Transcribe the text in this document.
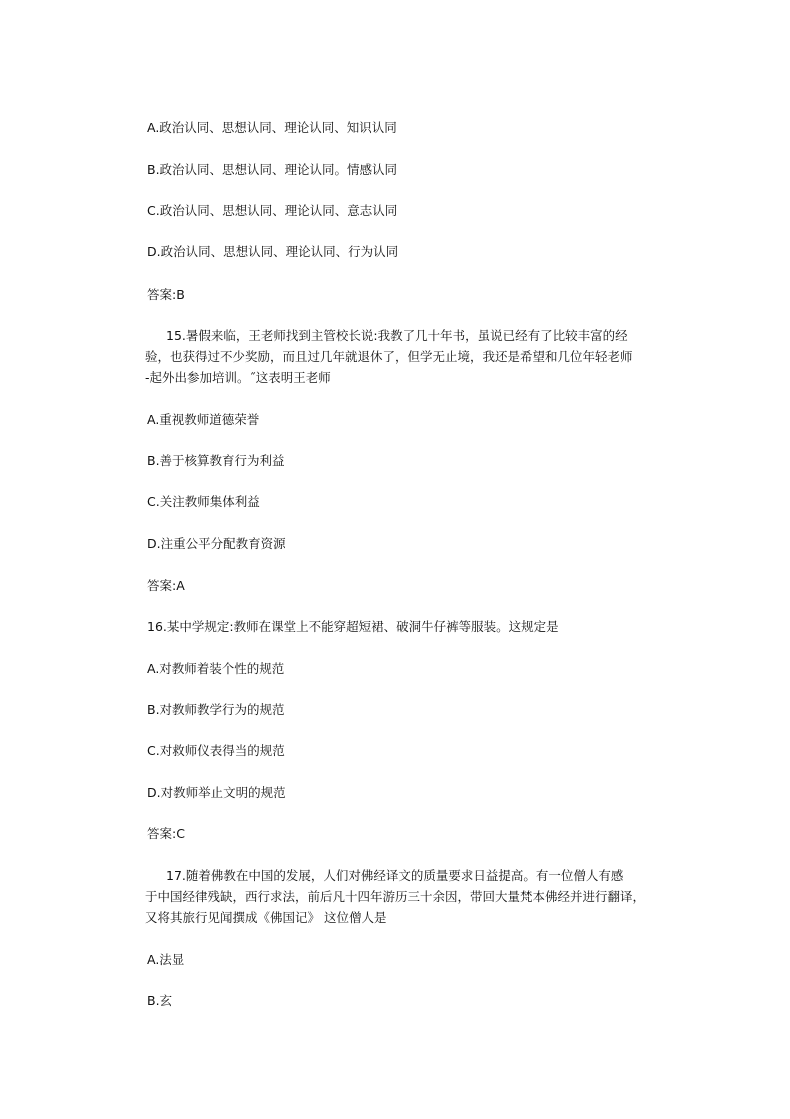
A.政治认同、思想认同、理论认同、知识认同
B.政治认同、思想认同、理论认同。情感认同
C.政治认同、思想认同、理论认同、意志认同
D.政治认同、思想认同、理论认同、行为认同
答案:B
15.暑假来临，王老师找到主管校长说:我教了几十年书，虽说已经有了比较丰富的经
验，也获得过不少奖励，而且过几年就退休了，但学无止境，我还是希望和几位年轻老师
-起外出参加培训。˝这表明王老师
A.重视教师道德荣誉
B.善于核算教育行为利益
C.关注教师集体利益
D.注重公平分配教育资源
答案:A
16.某中学规定:教师在课堂上不能穿超短裙、破洞牛仔裤等服装。这规定是
A.对教师着装个性的规范
B.对教师教学行为的规范
C.对救师仪表得当的规范
D.对教师举止文明的规范
答案:C
17.随着佛教在中国的发展，人们对佛经译文的质量要求日益提高。有一位僧人有感
于中国经律残缺，西行求法，前后凡十四年游历三十余因，带回大量梵本佛经并进行翻译，
又将其旅行见闻撰成《佛国记》 这位僧人是
A.法显
B.玄
